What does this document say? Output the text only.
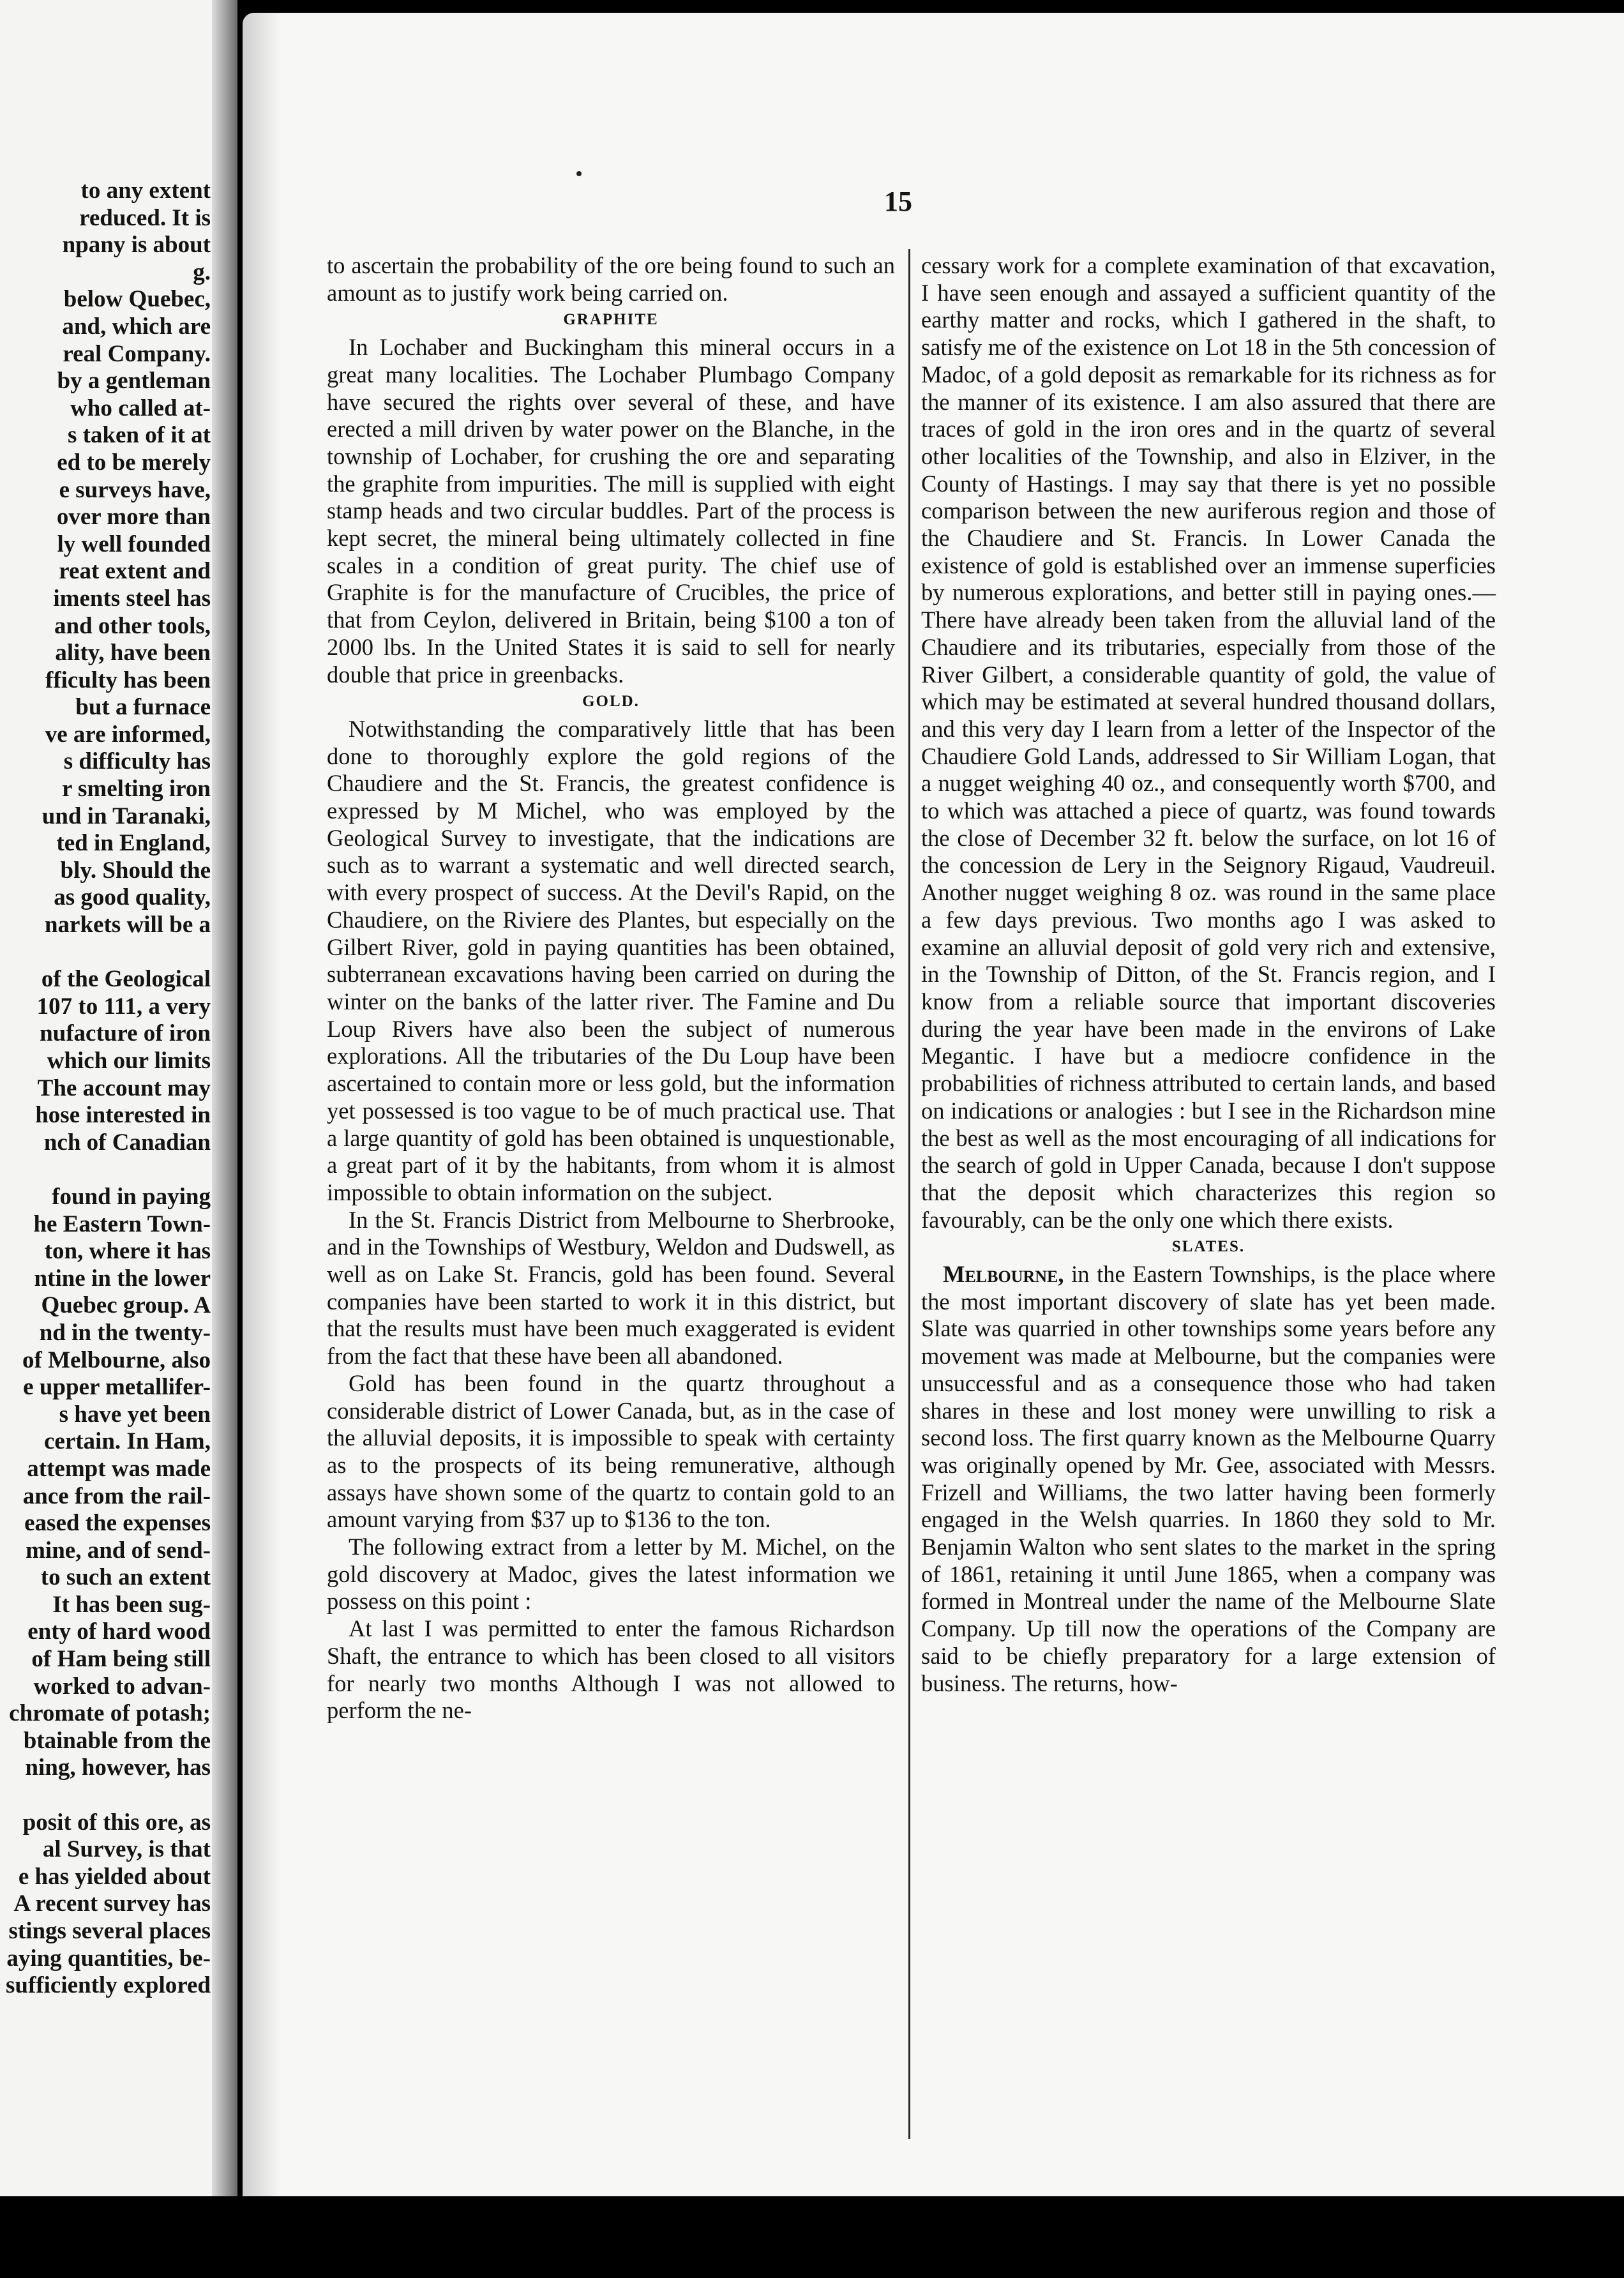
to any extent
reduced. It is
npany is about
g.
below Quebec,
and, which are
real Company.
by a gentleman
who called at-
s taken of it at
ed to be merely
e surveys have,
over more than
ly well founded
reat extent and
iments steel has
and other tools,
ality, have been
fficulty has been
but a furnace
ve are informed,
s difficulty has
r smelting iron
und in Taranaki,
ted in England,
bly. Should the
as good quality,
narkets will be a
of the Geological
107 to 111, a very
nufacture of iron
which our limits
The account may
hose interested in
nch of Canadian
found in paying
he Eastern Town-
ton, where it has
ntine in the lower
Quebec group. A
nd in the twenty-
of Melbourne, also
e upper metallifer-
s have yet been
certain. In Ham,
attempt was made
ance from the rail-
eased the expenses
mine, and of send-
to such an extent
It has been sug-
enty of hard wood
of Ham being still
worked to advan-
chromate of potash;
btainable from the
ning, however, has
posit of this ore, as
al Survey, is that
e has yielded about
A recent survey has
stings several places
aying quantities, be-
sufficiently explored
15

to ascertain the probability of the ore being found to such an amount as to justify work being carried on.

GRAPHITE

In Lochaber and Buckingham this mineral occurs in a great many localities. The Lochaber Plumbago Company have secured the rights over several of these, and have erected a mill driven by water power on the Blanche, in the township of Lochaber, for crushing the ore and separating the graphite from impurities. The mill is supplied with eight stamp heads and two circular buddles. Part of the process is kept secret, the mineral being ultimately collected in fine scales in a condition of great purity. The chief use of Graphite is for the manufacture of Crucibles, the price of that from Ceylon, delivered in Britain, being $100 a ton of 2000 lbs. In the United States it is said to sell for nearly double that price in greenbacks.

GOLD.

Notwithstanding the comparatively little that has been done to thoroughly explore the gold regions of the Chaudiere and the St. Francis, the greatest confidence is expressed by M Michel, who was employed by the Geological Survey to investigate, that the indications are such as to warrant a systematic and well directed search, with every prospect of success. At the Devil's Rapid, on the Chaudiere, on the Riviere des Plantes, but especially on the Gilbert River, gold in paying quantities has been obtained, subterranean excavations having been carried on during the winter on the banks of the latter river. The Famine and Du Loup Rivers have also been the subject of numerous explorations. All the tributaries of the Du Loup have been ascertained to contain more or less gold, but the information yet possessed is too vague to be of much practical use. That a large quantity of gold has been obtained is unquestionable, a great part of it by the habitants, from whom it is almost impossible to obtain information on the subject.

In the St. Francis District from Melbourne to Sherbrooke, and in the Townships of Westbury, Weldon and Dudswell, as well as on Lake St. Francis, gold has been found. Several companies have been started to work it in this district, but that the results must have been much exaggerated is evident from the fact that these have been all abandoned.

Gold has been found in the quartz throughout a considerable district of Lower Canada, but, as in the case of the alluvial deposits, it is impossible to speak with certainty as to the prospects of its being remunerative, although assays have shown some of the quartz to contain gold to an amount varying from $37 up to $136 to the ton.

The following extract from a letter by M. Michel, on the gold discovery at Madoc, gives the latest information we possess on this point :

At last I was permitted to enter the famous Richardson Shaft, the entrance to which has been closed to all visitors for nearly two months Although I was not allowed to perform the ne-

cessary work for a complete examination of that excavation, I have seen enough and assayed a sufficient quantity of the earthy matter and rocks, which I gathered in the shaft, to satisfy me of the existence on Lot 18 in the 5th concession of Madoc, of a gold deposit as remarkable for its richness as for the manner of its existence. I am also assured that there are traces of gold in the iron ores and in the quartz of several other localities of the Township, and also in Elziver, in the County of Hastings. I may say that there is yet no possible comparison between the new auriferous region and those of the Chaudiere and St. Francis. In Lower Canada the existence of gold is established over an immense superficies by numerous explorations, and better still in paying ones.—There have already been taken from the alluvial land of the Chaudiere and its tributaries, especially from those of the River Gilbert, a considerable quantity of gold, the value of which may be estimated at several hundred thousand dollars, and this very day I learn from a letter of the Inspector of the Chaudiere Gold Lands, addressed to Sir William Logan, that a nugget weighing 40 oz., and consequently worth $700, and to which was attached a piece of quartz, was found towards the close of December 32 ft. below the surface, on lot 16 of the concession de Lery in the Seignory Rigaud, Vaudreuil. Another nugget weighing 8 oz. was round in the same place a few days previous. Two months ago I was asked to examine an alluvial deposit of gold very rich and extensive, in the Township of Ditton, of the St. Francis region, and I know from a reliable source that important discoveries during the year have been made in the environs of Lake Megantic. I have but a mediocre confidence in the probabilities of richness attributed to certain lands, and based on indications or analogies : but I see in the Richardson mine the best as well as the most encouraging of all indications for the search of gold in Upper Canada, because I don't suppose that the deposit which characterizes this region so favourably, can be the only one which there exists.

SLATES.

Melbourne, in the Eastern Townships, is the place where the most important discovery of slate has yet been made. Slate was quarried in other townships some years before any movement was made at Melbourne, but the companies were unsuccessful and as a consequence those who had taken shares in these and lost money were unwilling to risk a second loss. The first quarry known as the Melbourne Quarry was originally opened by Mr. Gee, associated with Messrs. Frizell and Williams, the two latter having been formerly engaged in the Welsh quarries. In 1860 they sold to Mr. Benjamin Walton who sent slates to the market in the spring of 1861, retaining it until June 1865, when a company was formed in Montreal under the name of the Melbourne Slate Company. Up till now the operations of the Company are said to be chiefly preparatory for a large extension of business. The returns, how-
